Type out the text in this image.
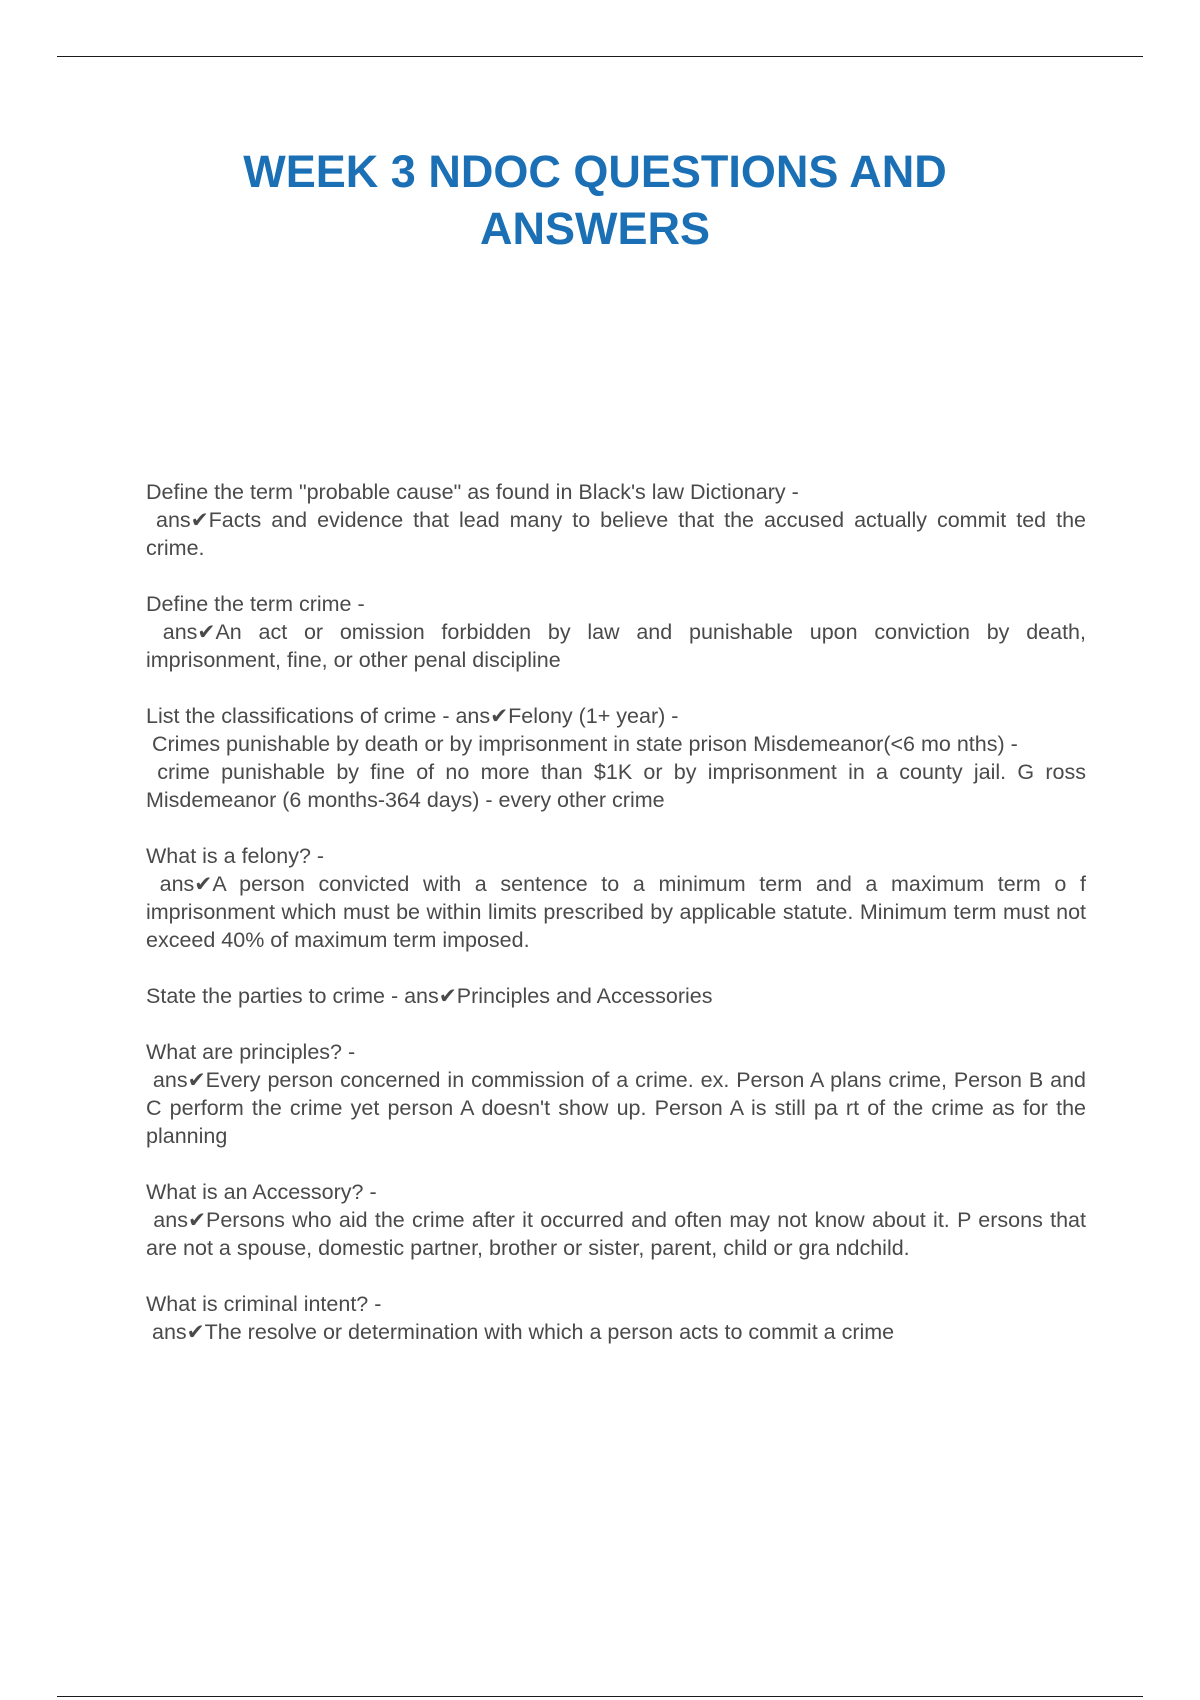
WEEK 3 NDOC QUESTIONS AND ANSWERS

Define the term "probable cause" as found in Black's law Dictionary -
ans✔Facts and evidence that lead many to believe that the accused actually commit ted the crime.

Define the term crime -
ans✔An act or omission forbidden by law and punishable upon conviction by death, imprisonment, fine, or other penal discipline

List the classifications of crime - ans✔Felony (1+ year) -
Crimes punishable by death or by imprisonment in state prison Misdemeanor(<6 mo nths) -
crime punishable by fine of no more than $1K or by imprisonment in a county jail. G ross Misdemeanor (6 months-364 days) - every other crime

What is a felony? -
ans✔A person convicted with a sentence to a minimum term and a maximum term o f imprisonment which must be within limits prescribed by applicable statute. Minimum term must not exceed 40% of maximum term imposed.

State the parties to crime - ans✔Principles and Accessories

What are principles? -
ans✔Every person concerned in commission of a crime. ex. Person A plans crime, Person B and C perform the crime yet person A doesn't show up. Person A is still pa rt of the crime as for the planning

What is an Accessory? -
ans✔Persons who aid the crime after it occurred and often may not know about it. P ersons that are not a spouse, domestic partner, brother or sister, parent, child or gra ndchild.

What is criminal intent? -
ans✔The resolve or determination with which a person acts to commit a crime
